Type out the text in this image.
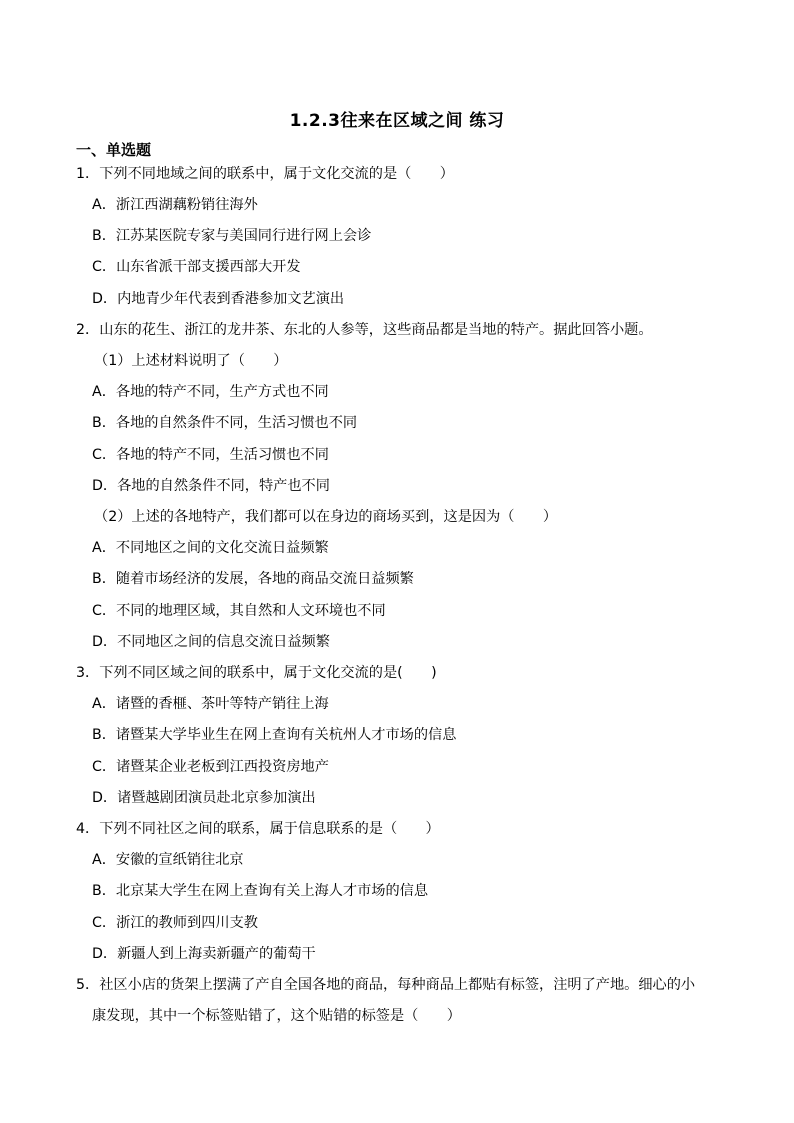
1.2.3往来在区域之间 练习
一、单选题
1．下列不同地域之间的联系中，属于文化交流的是（　　）
A．浙江西湖藕粉销往海外
B．江苏某医院专家与美国同行进行网上会诊
C．山东省派干部支援西部大开发
D．内地青少年代表到香港参加文艺演出
2．山东的花生、浙江的龙井茶、东北的人参等，这些商品都是当地的特产。据此回答小题。
（1）上述材料说明了（　　）
A．各地的特产不同，生产方式也不同
B．各地的自然条件不同，生活习惯也不同
C．各地的特产不同，生活习惯也不同
D．各地的自然条件不同，特产也不同
（2）上述的各地特产，我们都可以在身边的商场买到，这是因为（　　）
A．不同地区之间的文化交流日益频繁
B．随着市场经济的发展，各地的商品交流日益频繁
C．不同的地理区域，其自然和人文环境也不同
D．不同地区之间的信息交流日益频繁
3．下列不同区域之间的联系中，属于文化交流的是(　　)
A．诸暨的香榧、茶叶等特产销往上海
B．诸暨某大学毕业生在网上查询有关杭州人才市场的信息
C．诸暨某企业老板到江西投资房地产
D．诸暨越剧团演员赴北京参加演出
4．下列不同社区之间的联系，属于信息联系的是（　　）
A．安徽的宣纸销往北京
B．北京某大学生在网上查询有关上海人才市场的信息
C．浙江的教师到四川支教
D．新疆人到上海卖新疆产的葡萄干
5．社区小店的货架上摆满了产自全国各地的商品，每种商品上都贴有标签，注明了产地。细心的小
康发现，其中一个标签贴错了，这个贴错的标签是（　　）
